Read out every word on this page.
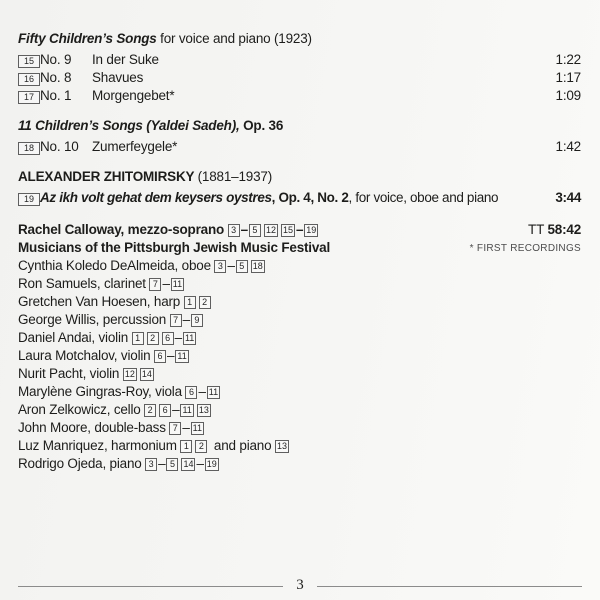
Fifty Children’s Songs for voice and piano (1923)
15 No. 9	In der Suke	1:22
16 No. 8	Shavues	1:17
17 No. 1	Morgengebet*	1:09
11 Children’s Songs (Yaldei Sadeh), Op. 36
18 No. 10 Zumerfeygele*	1:42
ALEXANDER ZHITOMIRSKY (1881–1937)
19 Az ikh volt gehat dem keysers oystres, Op. 4, No. 2, for voice, oboe and piano	3:44
Rachel Calloway, mezzo-soprano 3 – 5 12 15 – 19
Musicians of the Pittsburgh Jewish Music Festival
Cynthia Koledo DeAlmeida, oboe 3 – 5 18
Ron Samuels, clarinet 7 – 11
Gretchen Van Hoesen, harp 1 2
George Willis, percussion 7 – 9
Daniel Andai, violin 1 2 6 – 11
Laura Motchalov, violin 6 – 11
Nurit Pacht, violin 12 14
Marylène Gingras-Roy, viola 6 – 11
Aron Zelkowicz, cello 2 6 – 11 13
John Moore, double-bass 7 – 11
Luz Manriquez, harmonium 1 2 and piano 13
Rodrigo Ojeda, piano 3 – 5 14 – 19
TT 58:42
* FIRST RECORDINGS
3
